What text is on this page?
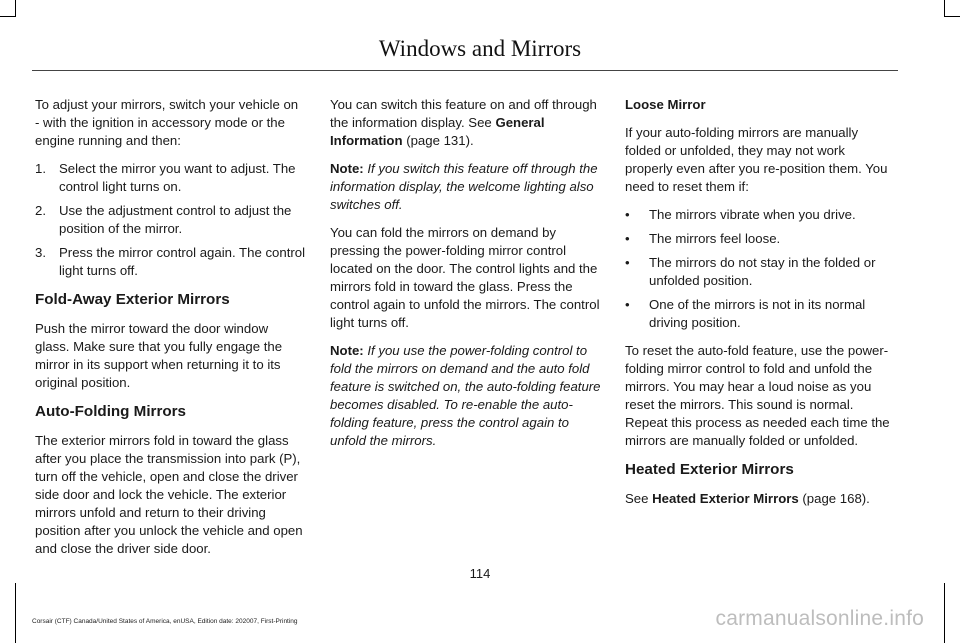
Windows and Mirrors

To adjust your mirrors, switch your vehicle on - with the ignition in accessory mode or the engine running and then:

1. Select the mirror you want to adjust. The control light turns on.
2. Use the adjustment control to adjust the position of the mirror.
3. Press the mirror control again. The control light turns off.
Fold-Away Exterior Mirrors

Push the mirror toward the door window glass. Make sure that you fully engage the mirror in its support when returning it to its original position.

Auto-Folding Mirrors

The exterior mirrors fold in toward the glass after you place the transmission into park (P), turn off the vehicle, open and close the driver side door and lock the vehicle. The exterior mirrors unfold and return to their driving position after you unlock the vehicle and open and close the driver side door.

You can switch this feature on and off through the information display. See General Information (page 131).

Note: If you switch this feature off through the information display, the welcome lighting also switches off.

You can fold the mirrors on demand by pressing the power-folding mirror control located on the door. The control lights and the mirrors fold in toward the glass. Press the control again to unfold the mirrors. The control light turns off.

Note: If you use the power-folding control to fold the mirrors on demand and the auto fold feature is switched on, the auto-folding feature becomes disabled. To re-enable the auto-folding feature, press the control again to unfold the mirrors.

Loose Mirror

If your auto-folding mirrors are manually folded or unfolded, they may not work properly even after you re-position them. You need to reset them if:

• The mirrors vibrate when you drive.
• The mirrors feel loose.
• The mirrors do not stay in the folded or unfolded position.
• One of the mirrors is not in its normal driving position.

To reset the auto-fold feature, use the power-folding mirror control to fold and unfold the mirrors. You may hear a loud noise as you reset the mirrors. This sound is normal. Repeat this process as needed each time the mirrors are manually folded or unfolded.

Heated Exterior Mirrors

See Heated Exterior Mirrors (page 168).

114
Corsair (CTF) Canada/United States of America, enUSA, Edition date: 202007, First-Printing	carmanualsonline.info
